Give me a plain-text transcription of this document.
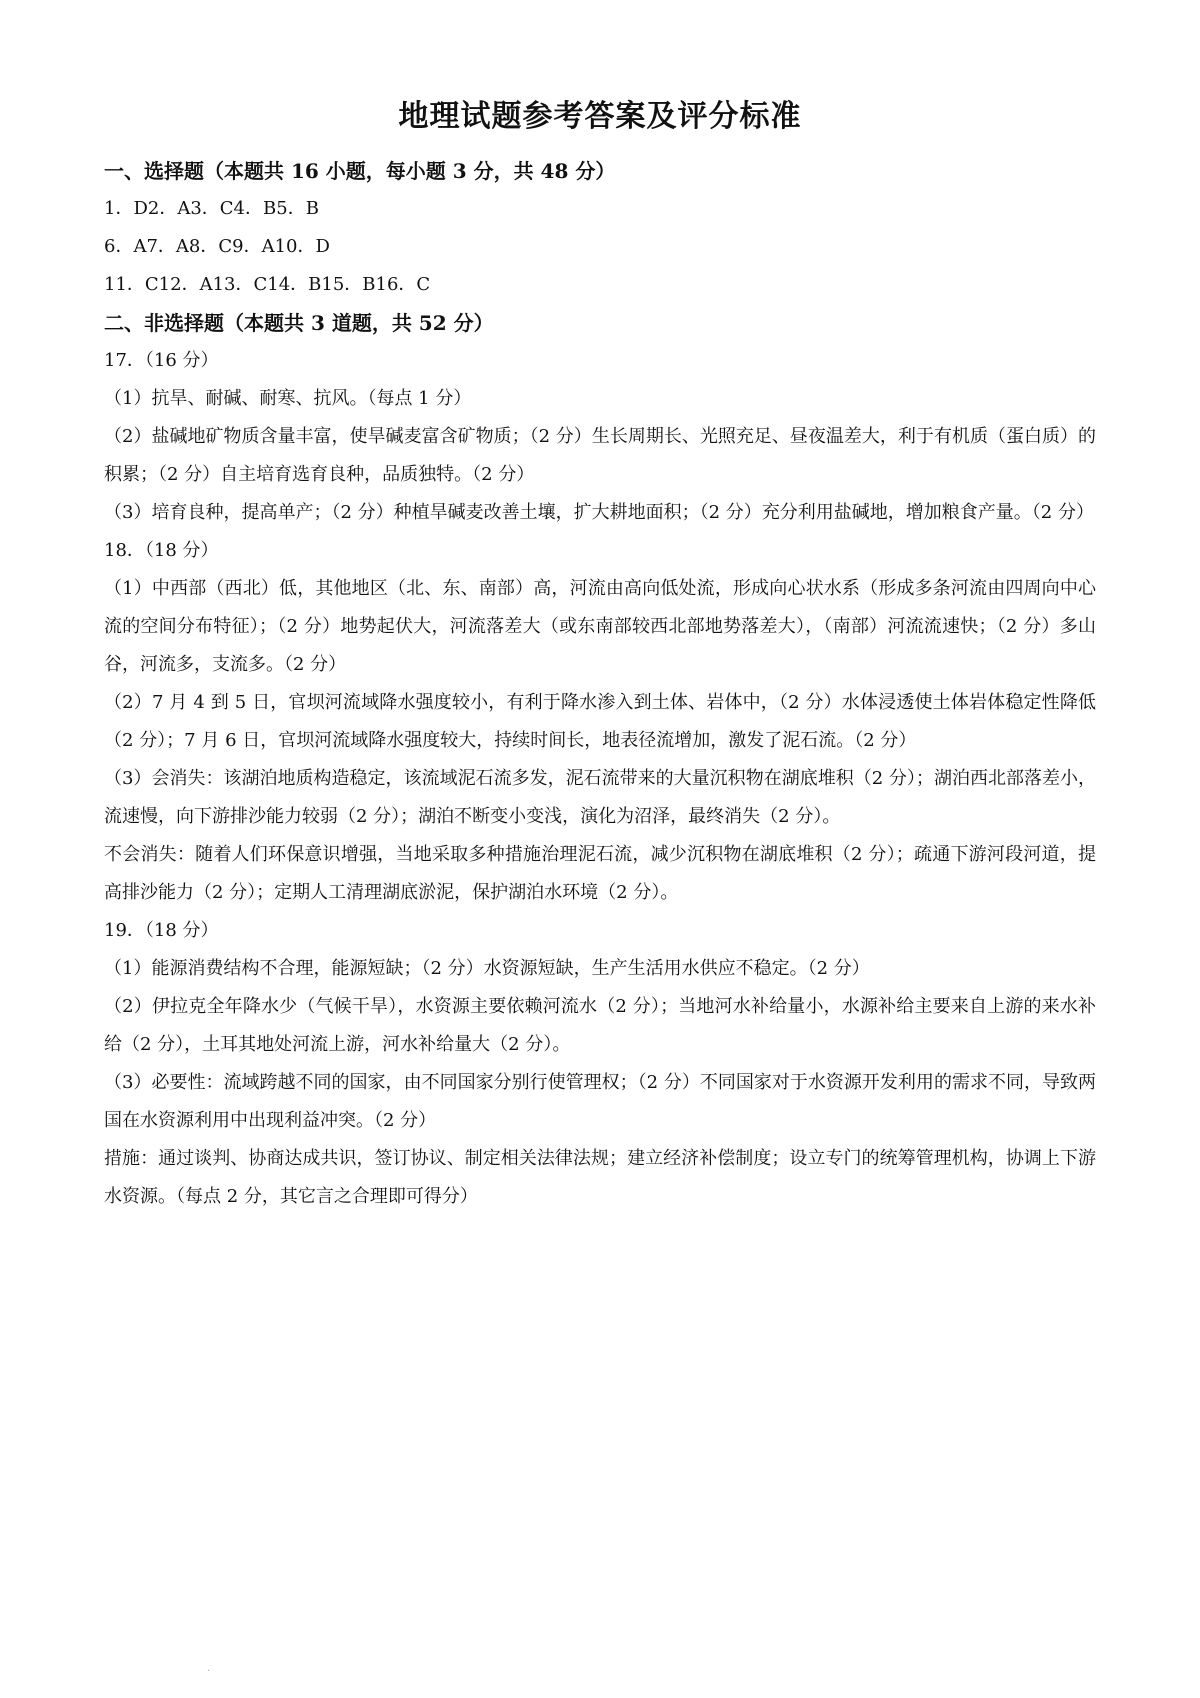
地理试题参考答案及评分标准

一、选择题（本题共 16 小题，每小题 3 分，共 48 分）

1．D2．A3．C4．B5．B

6．A7．A8．C9．A10．D

11．C12．A13．C14．B15．B16．C

二、非选择题（本题共 3 道题，共 52 分）

17．（16 分）

（1）抗旱、耐碱、耐寒、抗风。（每点 1 分）

（2）盐碱地矿物质含量丰富，使旱碱麦富含矿物质；（2 分）生长周期长、光照充足、昼夜温差大，利于有机质（蛋白质）的积累；（2 分）自主培育选育良种，品质独特。（2 分）

（3）培育良种，提高单产；（2 分）种植旱碱麦改善土壤，扩大耕地面积；（2 分）充分利用盐碱地，增加粮食产量。（2 分）

18．（18 分）

（1）中西部（西北）低，其他地区（北、东、南部）高，河流由高向低处流，形成向心状水系（形成多条河流由四周向中心流的空间分布特征）；（2 分）地势起伏大，河流落差大（或东南部较西北部地势落差大），（南部）河流流速快；（2 分）多山谷，河流多，支流多。（2 分）

（2）7 月 4 到 5 日，官坝河流域降水强度较小，有利于降水渗入到土体、岩体中，（2 分）水体浸透使土体岩体稳定性降低（2 分）；7 月 6 日，官坝河流域降水强度较大，持续时间长，地表径流增加，激发了泥石流。（2 分）

（3）会消失：该湖泊地质构造稳定，该流域泥石流多发，泥石流带来的大量沉积物在湖底堆积（2 分）；湖泊西北部落差小，流速慢，向下游排沙能力较弱（2 分）；湖泊不断变小变浅，演化为沼泽，最终消失（2 分）。

不会消失：随着人们环保意识增强，当地采取多种措施治理泥石流，减少沉积物在湖底堆积（2 分）；疏通下游河段河道，提高排沙能力（2 分）；定期人工清理湖底淤泥，保护湖泊水环境（2 分）。

19．（18 分）

（1）能源消费结构不合理，能源短缺；（2 分）水资源短缺，生产生活用水供应不稳定。（2 分）

（2）伊拉克全年降水少（气候干旱），水资源主要依赖河流水（2 分）；当地河水补给量小，水源补给主要来自上游的来水补给（2 分），土耳其地处河流上游，河水补给量大（2 分）。

（3）必要性：流域跨越不同的国家，由不同国家分别行使管理权；（2 分）不同国家对于水资源开发利用的需求不同，导致两国在水资源利用中出现利益冲突。（2 分）

措施：通过谈判、协商达成共识，签订协议、制定相关法律法规；建立经济补偿制度；设立专门的统筹管理机构，协调上下游水资源。（每点 2 分，其它言之合理即可得分）

.
